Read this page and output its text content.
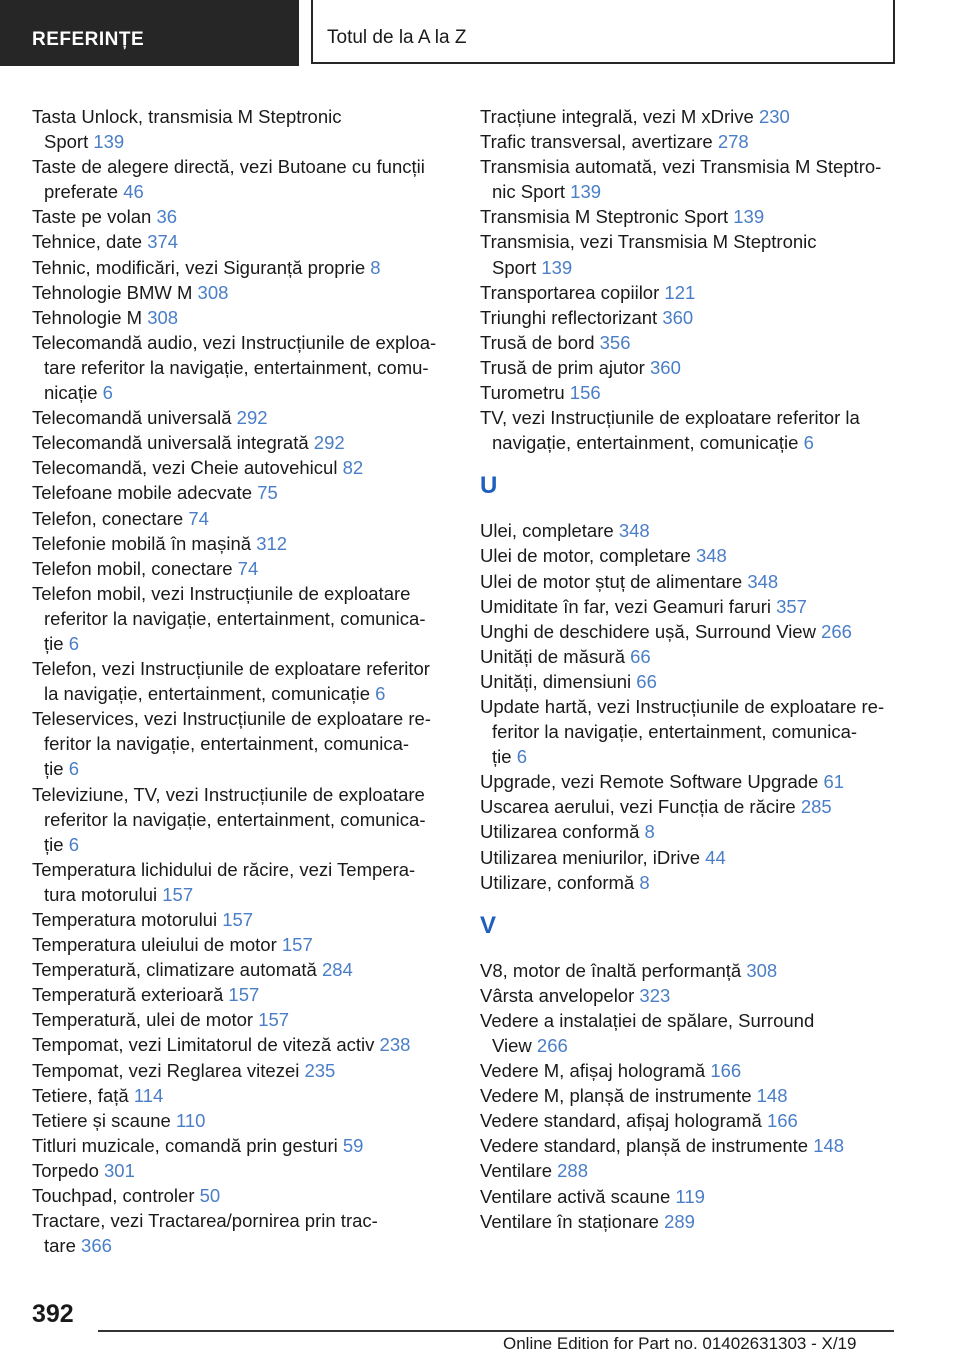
REFERINȚE	Totul de la A la Z
Tasta Unlock, transmisia M Steptronic
Sport 139
Taste de alegere directă, vezi Butoane cu funcții
preferate 46
Taste pe volan 36
Tehnice, date 374
Tehnic, modificări, vezi Siguranță proprie 8
Tehnologie BMW M 308
Tehnologie M 308
Telecomandă audio, vezi Instrucțiunile de exploa-
tare referitor la navigație, entertainment, comu-
nicație 6
Telecomandă universală 292
Telecomandă universală integrată 292
Telecomandă, vezi Cheie autovehicul 82
Telefoane mobile adecvate 75
Telefon, conectare 74
Telefonie mobilă în mașină 312
Telefon mobil, conectare 74
Telefon mobil, vezi Instrucțiunile de exploatare
referitor la navigație, entertainment, comunica-
ție 6
Telefon, vezi Instrucțiunile de exploatare referitor
la navigație, entertainment, comunicație 6
Teleservices, vezi Instrucțiunile de exploatare re-
feritor la navigație, entertainment, comunica-
ție 6
Televiziune, TV, vezi Instrucțiunile de exploatare
referitor la navigație, entertainment, comunica-
ție 6
Temperatura lichidului de răcire, vezi Tempera-
tura motorului 157
Temperatura motorului 157
Temperatura uleiului de motor 157
Temperatură, climatizare automată 284
Temperatură exterioară 157
Temperatură, ulei de motor 157
Tempomat, vezi Limitatorul de viteză activ 238
Tempomat, vezi Reglarea vitezei 235
Tetiere, față 114
Tetiere și scaune 110
Titluri muzicale, comandă prin gesturi 59
Torpedo 301
Touchpad, controler 50
Tractare, vezi Tractarea/pornirea prin trac-
tare 366
Tracțiune integrală, vezi M xDrive 230
Trafic transversal, avertizare 278
Transmisia automată, vezi Transmisia M Steptro-
nic Sport 139
Transmisia M Steptronic Sport 139
Transmisia, vezi Transmisia M Steptronic
Sport 139
Transportarea copiilor 121
Triunghi reflectorizant 360
Trusă de bord 356
Trusă de prim ajutor 360
Turometru 156
TV, vezi Instrucțiunile de exploatare referitor la
navigație, entertainment, comunicație 6
U
Ulei, completare 348
Ulei de motor, completare 348
Ulei de motor ștuț de alimentare 348
Umiditate în far, vezi Geamuri faruri 357
Unghi de deschidere ușă, Surround View 266
Unități de măsură 66
Unități, dimensiuni 66
Update hartă, vezi Instrucțiunile de exploatare re-
feritor la navigație, entertainment, comunica-
ție 6
Upgrade, vezi Remote Software Upgrade 61
Uscarea aerului, vezi Funcția de răcire 285
Utilizarea conformă 8
Utilizarea meniurilor, iDrive 44
Utilizare, conformă 8
V
V8, motor de înaltă performanță 308
Vârsta anvelopelor 323
Vedere a instalației de spălare, Surround
View 266
Vedere M, afișaj hologramă 166
Vedere M, planșă de instrumente 148
Vedere standard, afișaj hologramă 166
Vedere standard, planșă de instrumente 148
Ventilare 288
Ventilare activă scaune 119
Ventilare în staționare 289
392
Online Edition for Part no. 01402631303 - X/19
